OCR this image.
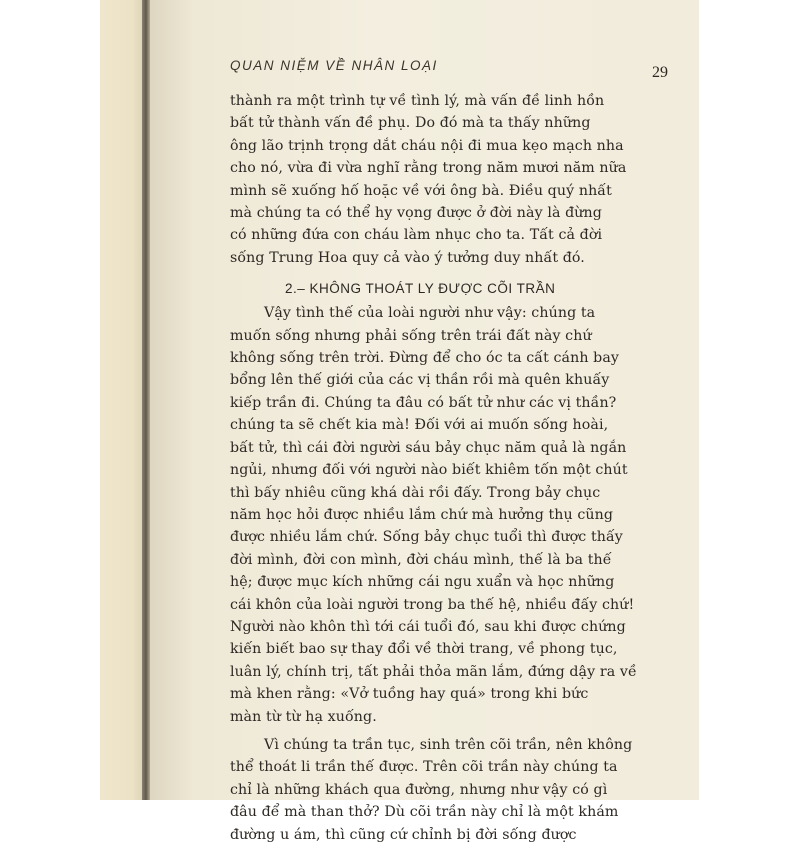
QUAN NIỆM VỀ NHÂN LOẠI	29

thành ra một trình tự về tình lý, mà vấn đề linh hồn
bất tử thành vấn đề phụ. Do đó mà ta thấy những
ông lão trịnh trọng dắt cháu nội đi mua kẹo mạch nha
cho nó, vừa đi vừa nghĩ rằng trong năm mươi năm nữa
mình sẽ xuống hố hoặc về với ông bà. Điều quý nhất
mà chúng ta có thể hy vọng được ở đời này là đừng
có những đứa con cháu làm nhục cho ta. Tất cả đời
sống Trung Hoa quy cả vào ý tưởng duy nhất đó.

2.– KHÔNG THOÁT LY ĐƯỢC CÕI TRẦN

Vậy tình thế của loài người như vậy: chúng ta
muốn sống nhưng phải sống trên trái đất này chứ
không sống trên trời. Đừng để cho óc ta cất cánh bay
bổng lên thế giới của các vị thần rồi mà quên khuấy
kiếp trần đi. Chúng ta đâu có bất tử như các vị thần?
chúng ta sẽ chết kia mà! Đối với ai muốn sống hoài,
bất tử, thì cái đời người sáu bảy chục năm quả là ngắn
ngủi, nhưng đối với người nào biết khiêm tốn một chút
thì bấy nhiêu cũng khá dài rồi đấy. Trong bảy chục
năm học hỏi được nhiều lắm chứ mà hưởng thụ cũng
được nhiều lắm chứ. Sống bảy chục tuổi thì được thấy
đời mình, đời con mình, đời cháu mình, thế là ba thế
hệ; được mục kích những cái ngu xuẩn và học những
cái khôn của loài người trong ba thế hệ, nhiều đấy chứ!
Người nào khôn thì tới cái tuổi đó, sau khi được chứng
kiến biết bao sự thay đổi về thời trang, về phong tục,
luân lý, chính trị, tất phải thỏa mãn lắm, đứng dậy ra về
mà khen rằng: «Vở tuồng hay quá» trong khi bức
màn từ từ hạ xuống.

Vì chúng ta trần tục, sinh trên cõi trần, nên không
thể thoát li trần thế được. Trên cõi trần này chúng ta
chỉ là những khách qua đường, nhưng như vậy có gì
đâu để mà than thở? Dù cõi trần này chỉ là một khám
đường u ám, thì cũng cứ chỉnh bị đời sống được
